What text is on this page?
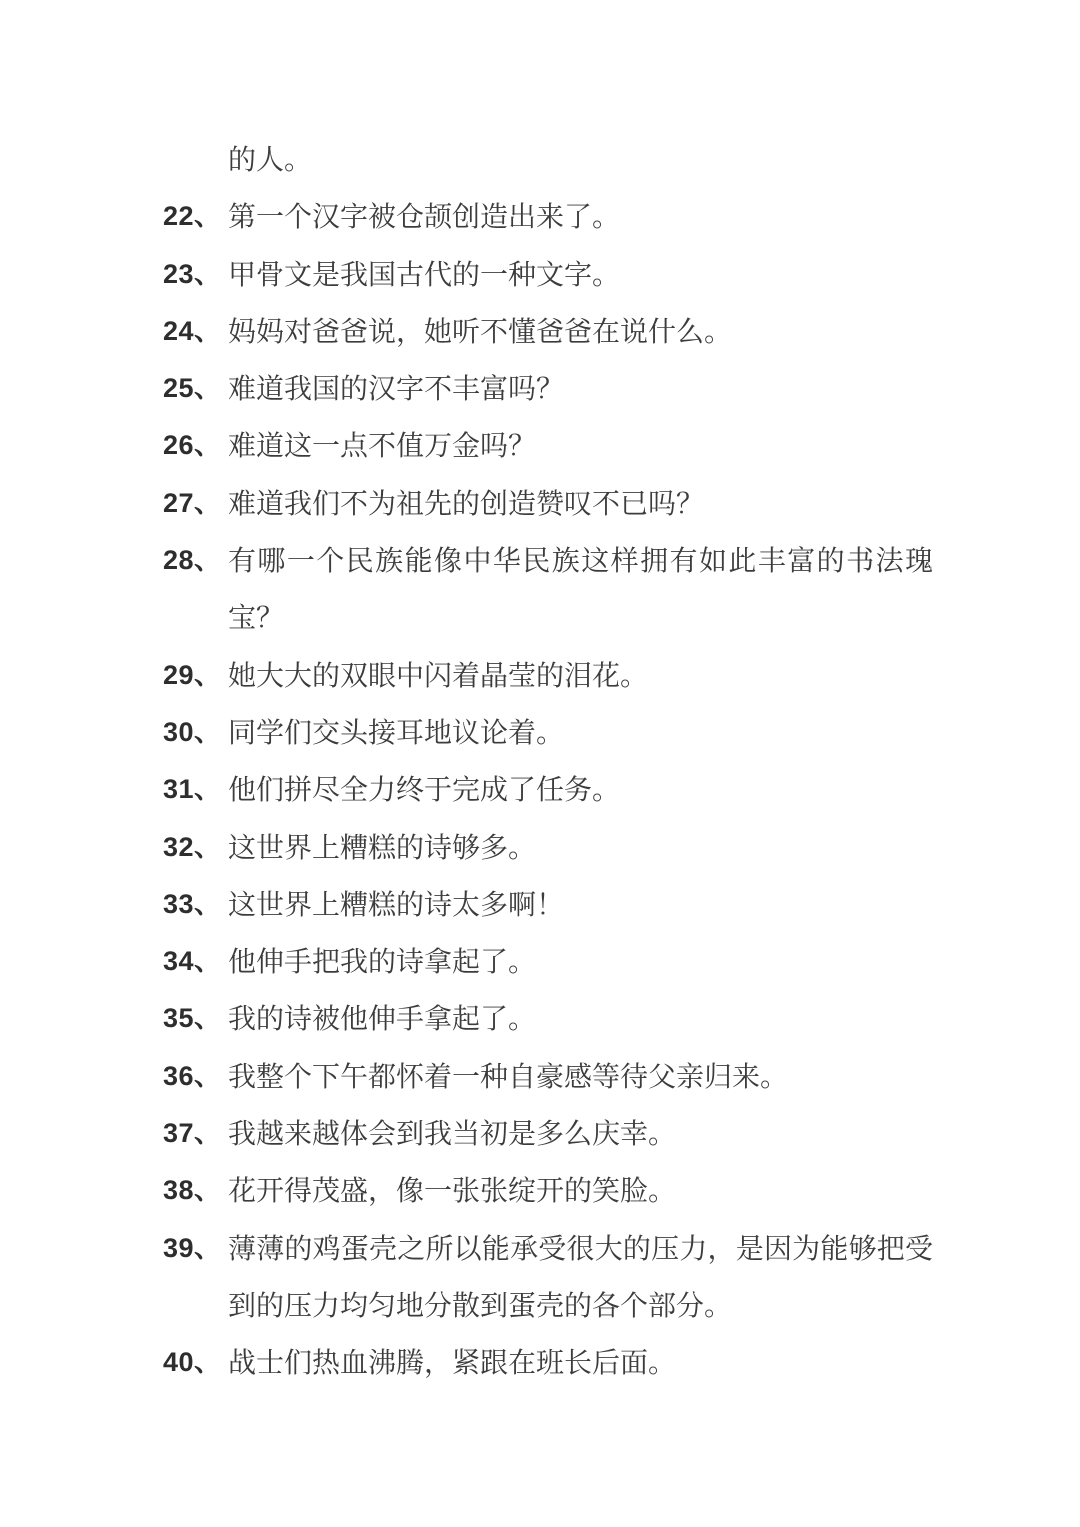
的人。
22、 第一个汉字被仓颉创造出来了。
23、 甲骨文是我国古代的一种文字。
24、 妈妈对爸爸说，她听不懂爸爸在说什么。
25、 难道我国的汉字不丰富吗？
26、 难道这一点不值万金吗？
27、 难道我们不为祖先的创造赞叹不已吗？
28、 有哪一个民族能像中华民族这样拥有如此丰富的书法瑰宝？
29、 她大大的双眼中闪着晶莹的泪花。
30、 同学们交头接耳地议论着。
31、 他们拼尽全力终于完成了任务。
32、 这世界上糟糕的诗够多。
33、 这世界上糟糕的诗太多啊！
34、 他伸手把我的诗拿起了。
35、 我的诗被他伸手拿起了。
36、 我整个下午都怀着一种自豪感等待父亲归来。
37、 我越来越体会到我当初是多么庆幸。
38、 花开得茂盛，像一张张绽开的笑脸。
39、 薄薄的鸡蛋壳之所以能承受很大的压力，是因为能够把受到的压力均匀地分散到蛋壳的各个部分。
40、 战士们热血沸腾，紧跟在班长后面。
